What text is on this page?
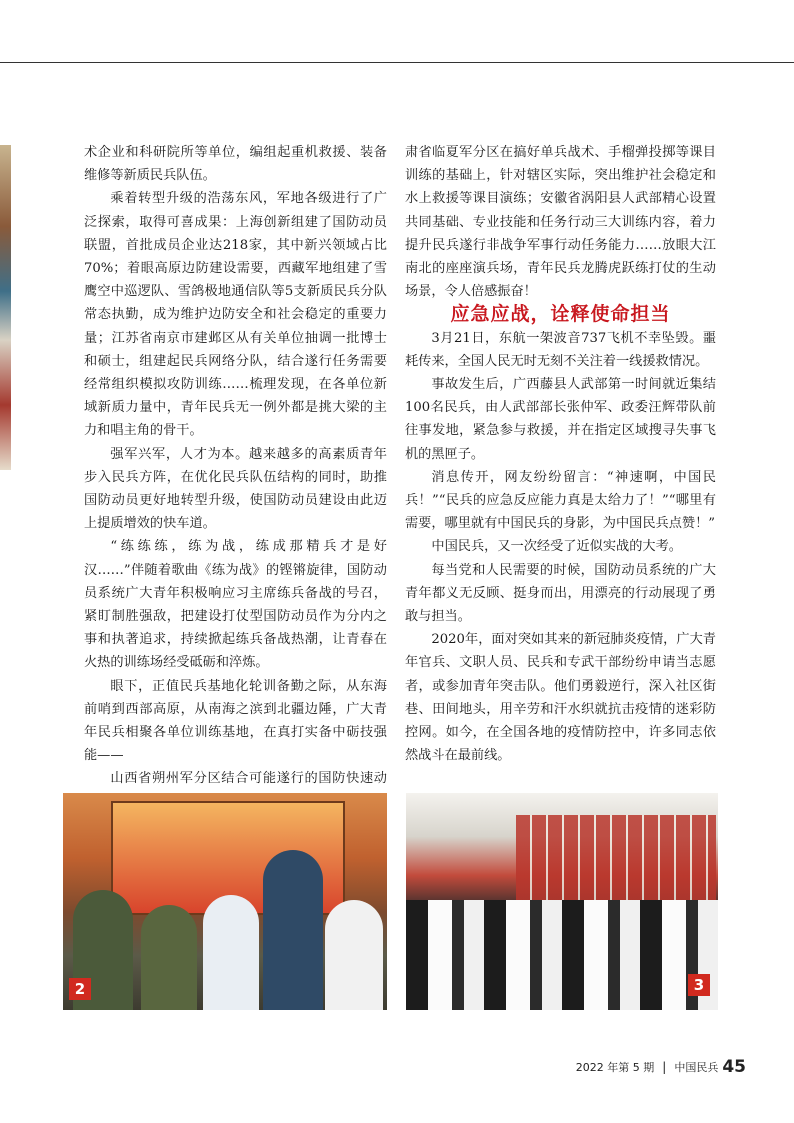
术企业和科研院所等单位，编组起重机救援、装备维修等新质民兵队伍。

乘着转型升级的浩荡东风，军地各级进行了广泛探索，取得可喜成果：上海创新组建了国防动员联盟，首批成员企业达218家，其中新兴领域占比70%；着眼高原边防建设需要，西藏军地组建了雪鹰空中巡逻队、雪鸽极地通信队等5支新质民兵分队常态执勤，成为维护边防安全和社会稳定的重要力量；江苏省南京市建邺区从有关单位抽调一批博士和硕士，组建起民兵网络分队，结合遂行任务需要经常组织模拟攻防训练……梳理发现，在各单位新域新质力量中，青年民兵无一例外都是挑大梁的主力和唱主角的骨干。

强军兴军，人才为本。越来越多的高素质青年步入民兵方阵，在优化民兵队伍结构的同时，助推国防动员更好地转型升级，使国防动员建设由此迈上提质增效的快车道。

“练练练，练为战，练成那精兵才是好汉……”伴随着歌曲《练为战》的铿锵旋律，国防动员系统广大青年积极响应习主席练兵备战的号召，紧盯制胜强敌，把建设打仗型国防动员作为分内之事和执著追求，持续掀起练兵备战热潮，让青春在火热的训练场经受砥砺和淬炼。

眼下，正值民兵基地化轮训备勤之际，从东海前哨到西部高原，从南海之滨到北疆边陲，广大青年民兵相聚各单位训练基地，在真打实备中砺技强能——

山西省朔州军分区结合可能遂行的国防快速动

肃省临夏军分区在搞好单兵战术、手榴弹投掷等课目训练的基础上，针对辖区实际，突出维护社会稳定和水上救援等课目演练；安徽省涡阳县人武部精心设置共同基础、专业技能和任务行动三大训练内容，着力提升民兵遂行非战争军事行动任务能力……放眼大江南北的座座演兵场，青年民兵龙腾虎跃练打仗的生动场景，令人倍感振奋！

应急应战，诠释使命担当

3月21日，东航一架波音737飞机不幸坠毁。噩耗传来，全国人民无时无刻不关注着一线援救情况。

事故发生后，广西藤县人武部第一时间就近集结100名民兵，由人武部部长张仲军、政委汪辉带队前往事发地，紧急参与救援，并在指定区域搜寻失事飞机的黑匣子。

消息传开，网友纷纷留言：“神速啊，中国民兵！”“民兵的应急反应能力真是太给力了！”“哪里有需要，哪里就有中国民兵的身影，为中国民兵点赞！”

中国民兵，又一次经受了近似实战的大考。

每当党和人民需要的时候，国防动员系统的广大青年都义无反顾、挺身而出，用漂亮的行动展现了勇敢与担当。

2020年，面对突如其来的新冠肺炎疫情，广大青年官兵、文职人员、民兵和专武干部纷纷申请当志愿者，或参加青年突击队。他们勇毅逆行，深入社区街巷、田间地头，用辛劳和汗水织就抗击疫情的迷彩防控网。如今，在全国各地的疫情防控中，许多同志依然战斗在最前线。

2	3
2022 年第 5 期 | 中国民兵 45
